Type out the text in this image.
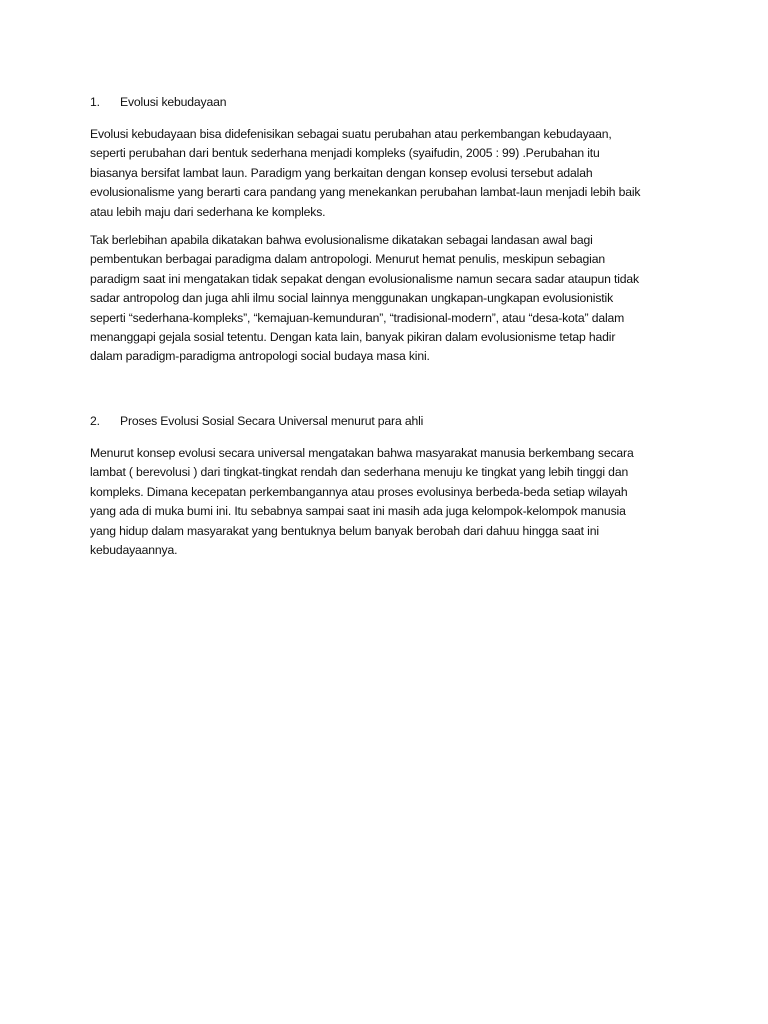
1.	Evolusi kebudayaan

Evolusi kebudayaan bisa didefenisikan sebagai suatu perubahan atau perkembangan kebudayaan,
seperti perubahan dari bentuk sederhana menjadi kompleks (syaifudin, 2005 : 99) .Perubahan itu
biasanya bersifat lambat laun. Paradigm yang berkaitan dengan konsep evolusi tersebut adalah
evolusionalisme yang berarti cara pandang yang menekankan perubahan lambat-laun menjadi lebih baik
atau lebih maju dari sederhana ke kompleks.

Tak berlebihan apabila dikatakan bahwa evolusionalisme dikatakan sebagai landasan awal bagi
pembentukan berbagai paradigma dalam antropologi. Menurut hemat penulis, meskipun sebagian
paradigm saat ini mengatakan tidak sepakat dengan evolusionalisme namun secara sadar ataupun tidak
sadar antropolog dan juga ahli ilmu social lainnya menggunakan ungkapan-ungkapan evolusionistik
seperti “sederhana-kompleks”, “kemajuan-kemunduran”, “tradisional-modern”, atau “desa-kota” dalam
menanggapi gejala sosial tetentu. Dengan kata lain, banyak pikiran dalam evolusionisme tetap hadir
dalam paradigm-paradigma antropologi social budaya masa kini.

2.	Proses Evolusi Sosial Secara Universal menurut para ahli

Menurut konsep evolusi secara universal mengatakan bahwa masyarakat manusia berkembang secara
lambat ( berevolusi ) dari tingkat-tingkat rendah dan sederhana menuju ke tingkat yang lebih tinggi dan
kompleks. Dimana kecepatan perkembangannya atau proses evolusinya berbeda-beda setiap wilayah
yang ada di muka bumi ini. Itu sebabnya sampai saat ini masih ada juga kelompok-kelompok manusia
yang hidup dalam masyarakat yang bentuknya belum banyak berobah dari dahuu hingga saat ini
kebudayaannya.
